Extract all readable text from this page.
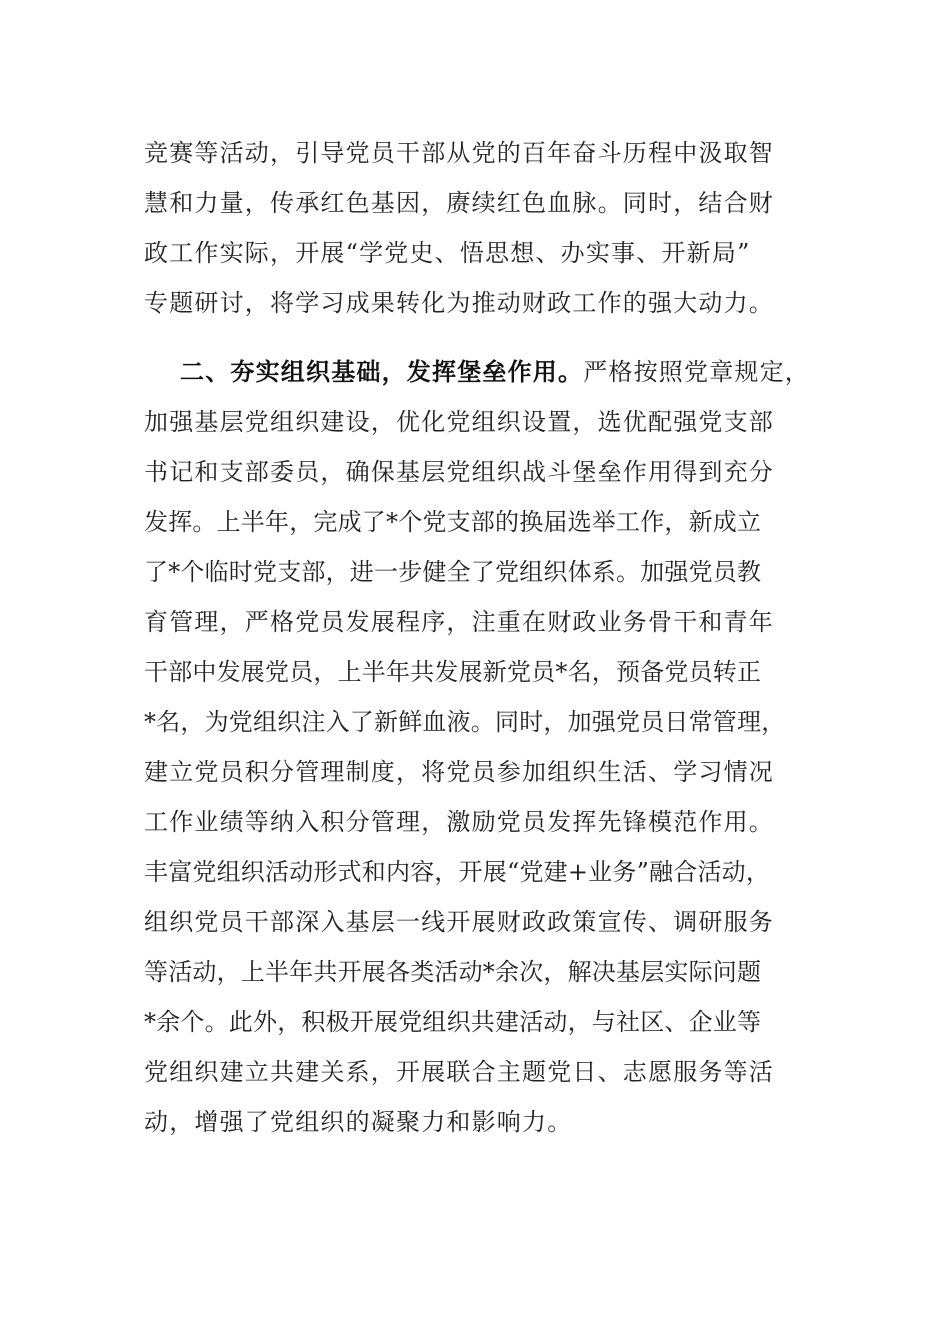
竞赛等活动，引导党员干部从党的百年奋斗历程中汲取智
慧和力量，传承红色基因，赓续红色血脉。同时，结合财
政工作实际，开展“学党史、悟思想、办实事、开新局”
专题研讨，将学习成果转化为推动财政工作的强大动力。
二、夯实组织基础，发挥堡垒作用。严格按照党章规定，
加强基层党组织建设，优化党组织设置，选优配强党支部
书记和支部委员，确保基层党组织战斗堡垒作用得到充分
发挥。上半年，完成了*个党支部的换届选举工作，新成立
了*个临时党支部，进一步健全了党组织体系。加强党员教
育管理，严格党员发展程序，注重在财政业务骨干和青年
干部中发展党员，上半年共发展新党员*名，预备党员转正
*名，为党组织注入了新鲜血液。同时，加强党员日常管理，
建立党员积分管理制度，将党员参加组织生活、学习情况
工作业绩等纳入积分管理，激励党员发挥先锋模范作用。
丰富党组织活动形式和内容，开展“党建+业务”融合活动，
组织党员干部深入基层一线开展财政政策宣传、调研服务
等活动，上半年共开展各类活动*余次，解决基层实际问题
*余个。此外，积极开展党组织共建活动，与社区、企业等
党组织建立共建关系，开展联合主题党日、志愿服务等活
动，增强了党组织的凝聚力和影响力。
